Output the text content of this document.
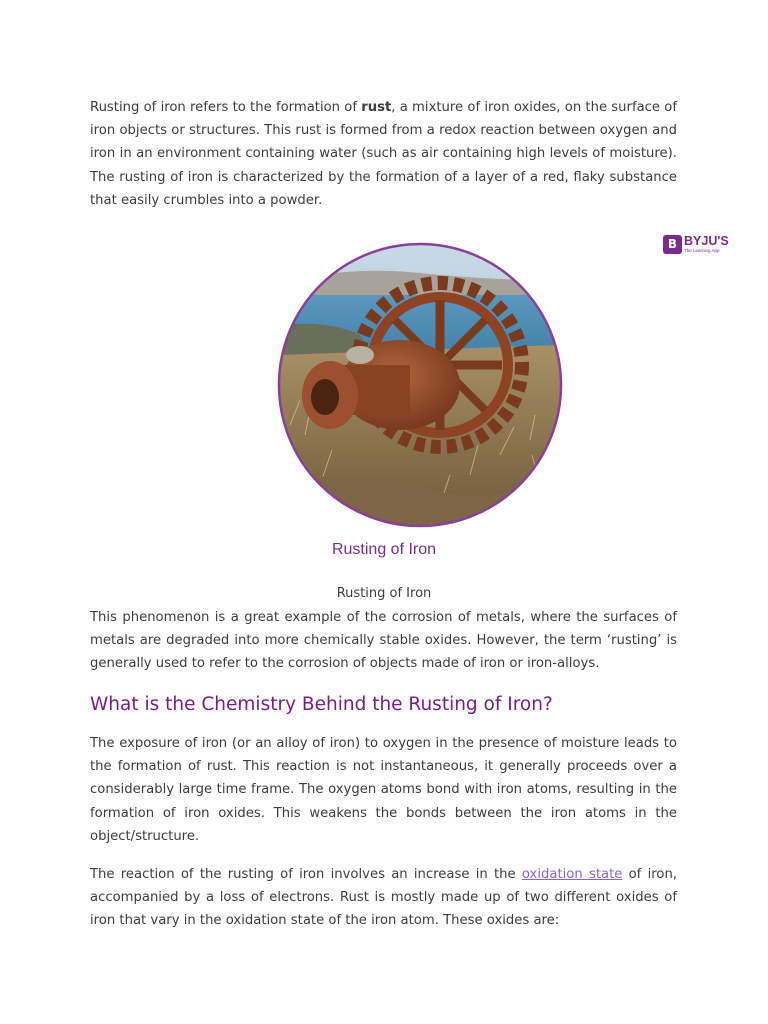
Rusting of iron refers to the formation of rust, a mixture of iron oxides, on the surface of iron objects or structures. This rust is formed from a redox reaction between oxygen and iron in an environment containing water (such as air containing high levels of moisture). The rusting of iron is characterized by the formation of a layer of a red, flaky substance that easily crumbles into a powder.

B BYJU'S
The Learning App
Rusting of Iron
Rusting of Iron

This phenomenon is a great example of the corrosion of metals, where the surfaces of metals are degraded into more chemically stable oxides. However, the term ‘rusting’ is generally used to refer to the corrosion of objects made of iron or iron-alloys.

What is the Chemistry Behind the Rusting of Iron?

The exposure of iron (or an alloy of iron) to oxygen in the presence of moisture leads to the formation of rust. This reaction is not instantaneous, it generally proceeds over a considerably large time frame. The oxygen atoms bond with iron atoms, resulting in the formation of iron oxides. This weakens the bonds between the iron atoms in the object/structure.

The reaction of the rusting of iron involves an increase in the oxidation state of iron, accompanied by a loss of electrons. Rust is mostly made up of two different oxides of iron that vary in the oxidation state of the iron atom. These oxides are:
